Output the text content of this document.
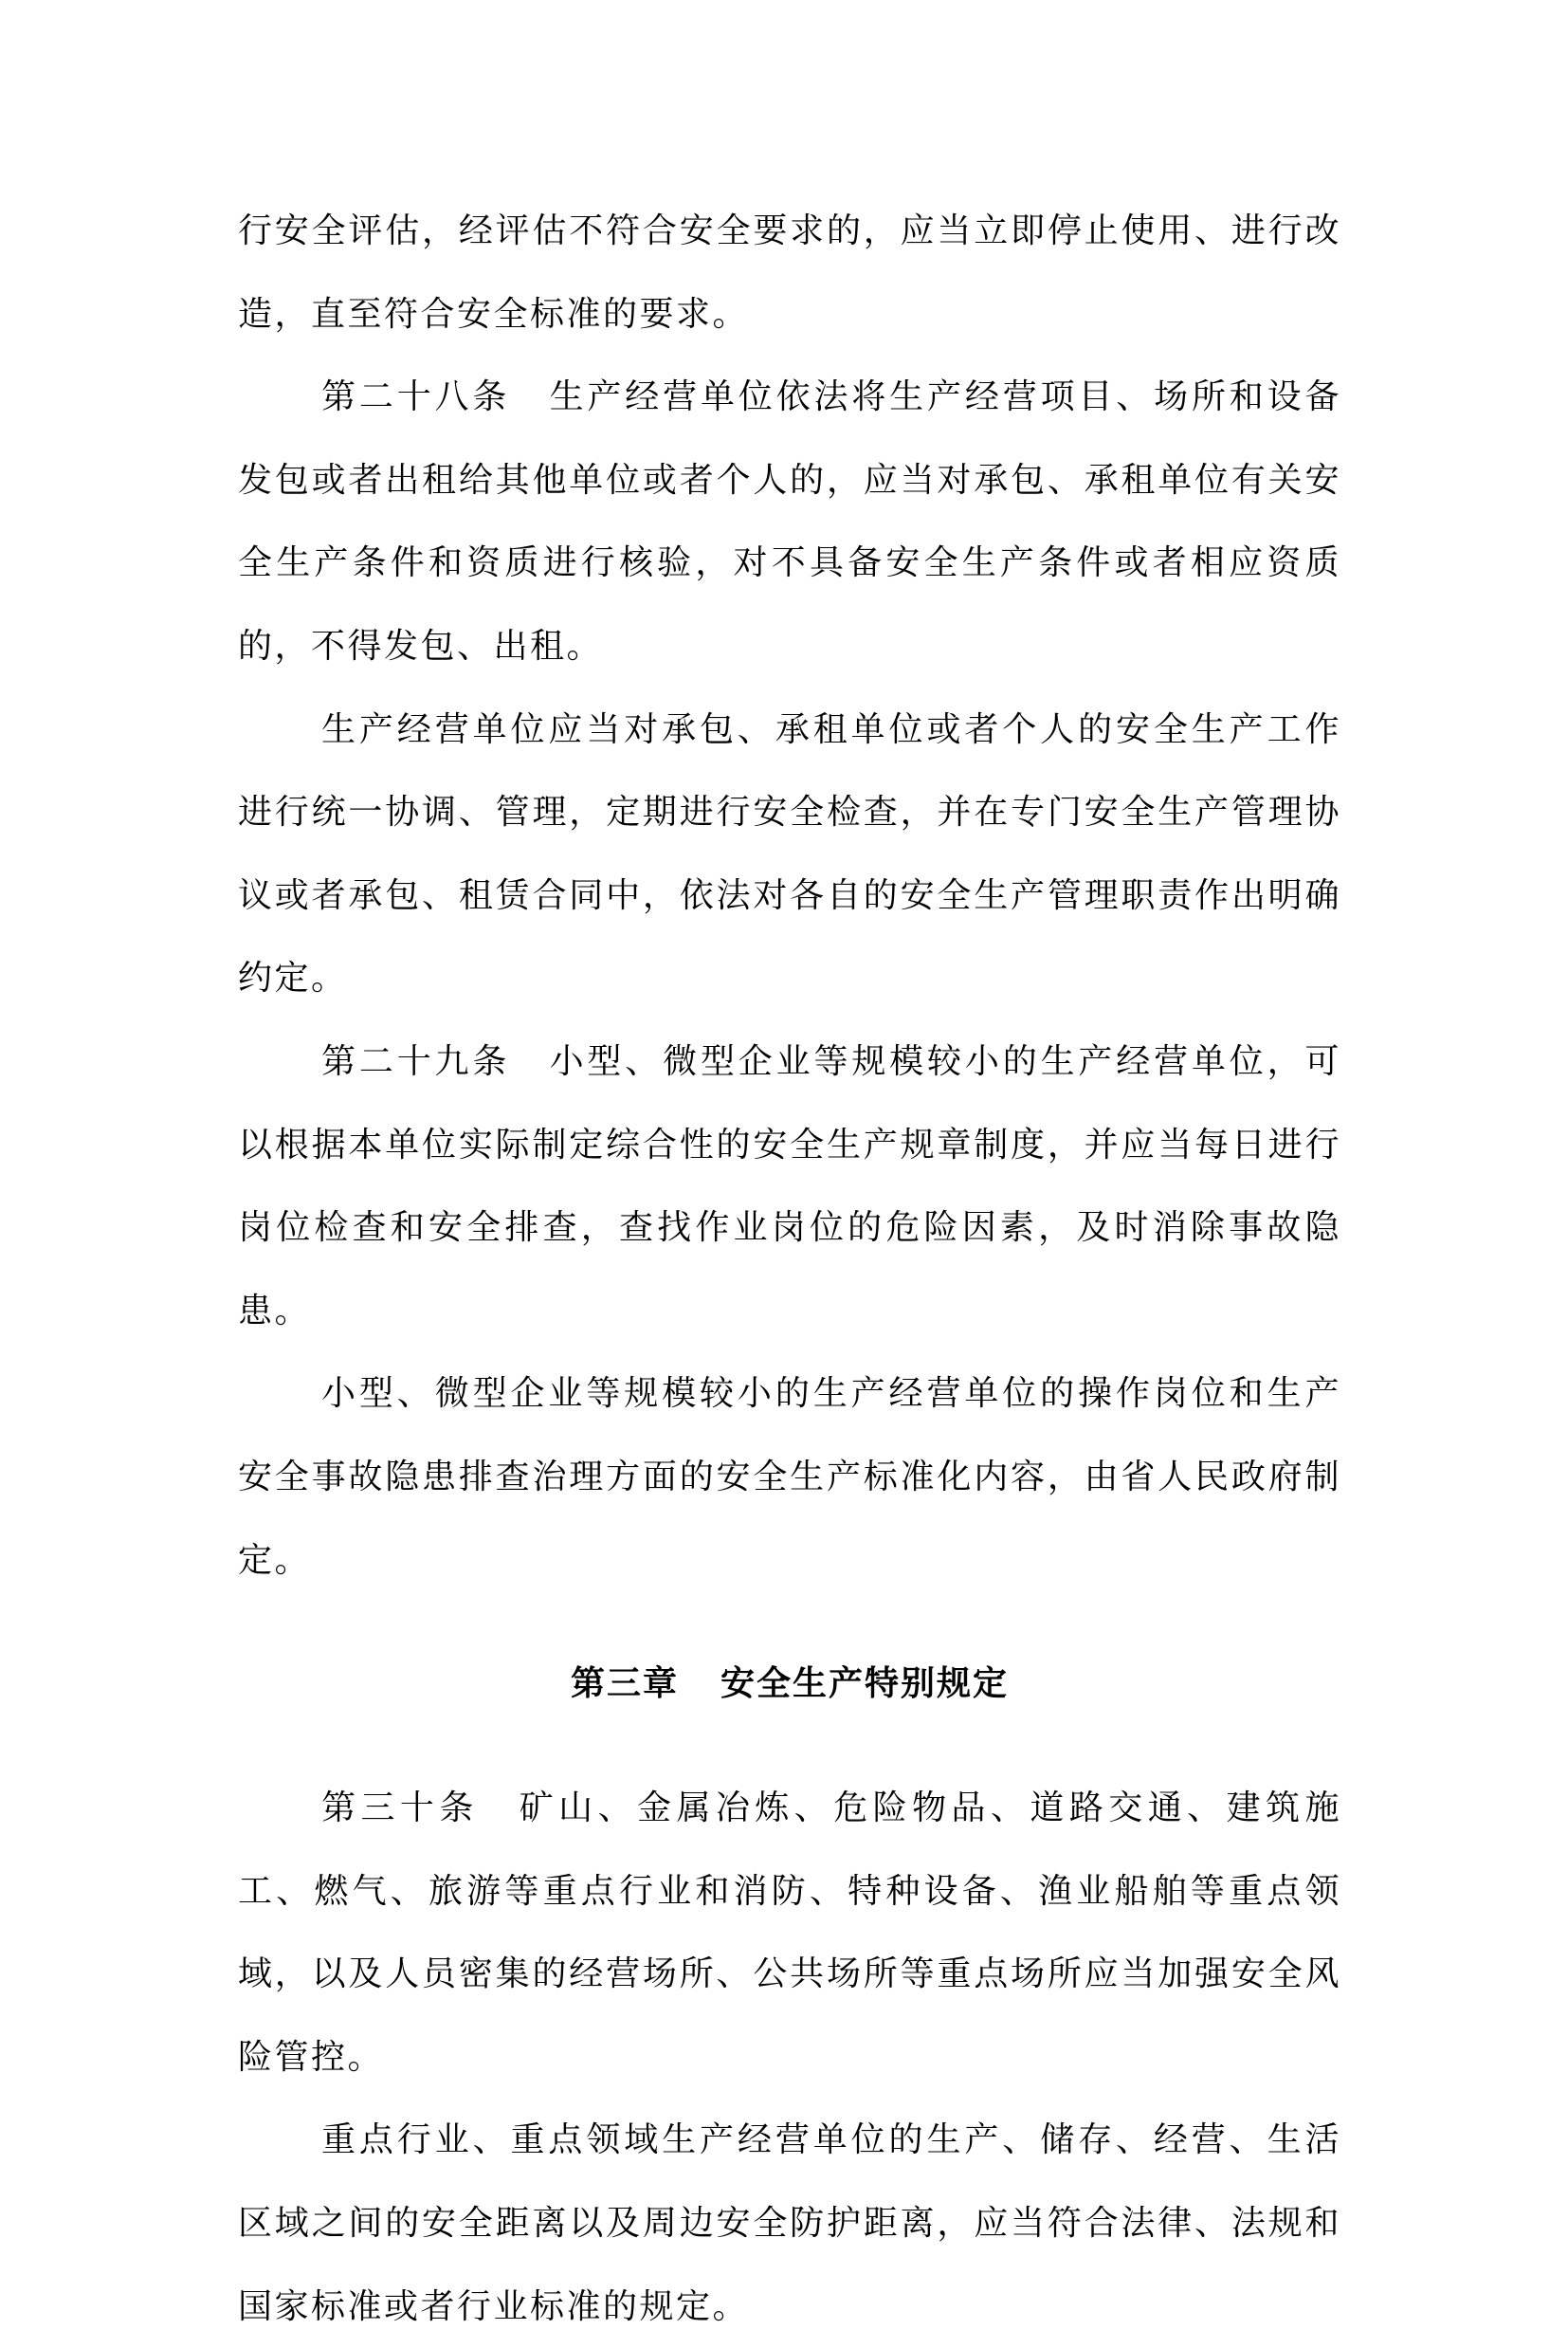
行安全评估，经评估不符合安全要求的，应当立即停止使用、进行改造，直至符合安全标准的要求。

第二十八条 生产经营单位依法将生产经营项目、场所和设备发包或者出租给其他单位或者个人的，应当对承包、承租单位有关安全生产条件和资质进行核验，对不具备安全生产条件或者相应资质的，不得发包、出租。

生产经营单位应当对承包、承租单位或者个人的安全生产工作进行统一协调、管理，定期进行安全检查，并在专门安全生产管理协议或者承包、租赁合同中，依法对各自的安全生产管理职责作出明确约定。

第二十九条 小型、微型企业等规模较小的生产经营单位，可以根据本单位实际制定综合性的安全生产规章制度，并应当每日进行岗位检查和安全排查，查找作业岗位的危险因素，及时消除事故隐患。

小型、微型企业等规模较小的生产经营单位的操作岗位和生产安全事故隐患排查治理方面的安全生产标准化内容，由省人民政府制定。

第三章 安全生产特别规定

第三十条 矿山、金属冶炼、危险物品、道路交通、建筑施工、燃气、旅游等重点行业和消防、特种设备、渔业船舶等重点领域，以及人员密集的经营场所、公共场所等重点场所应当加强安全风险管控。

重点行业、重点领域生产经营单位的生产、储存、经营、生活区域之间的安全距离以及周边安全防护距离，应当符合法律、法规和国家标准或者行业标准的规定。
